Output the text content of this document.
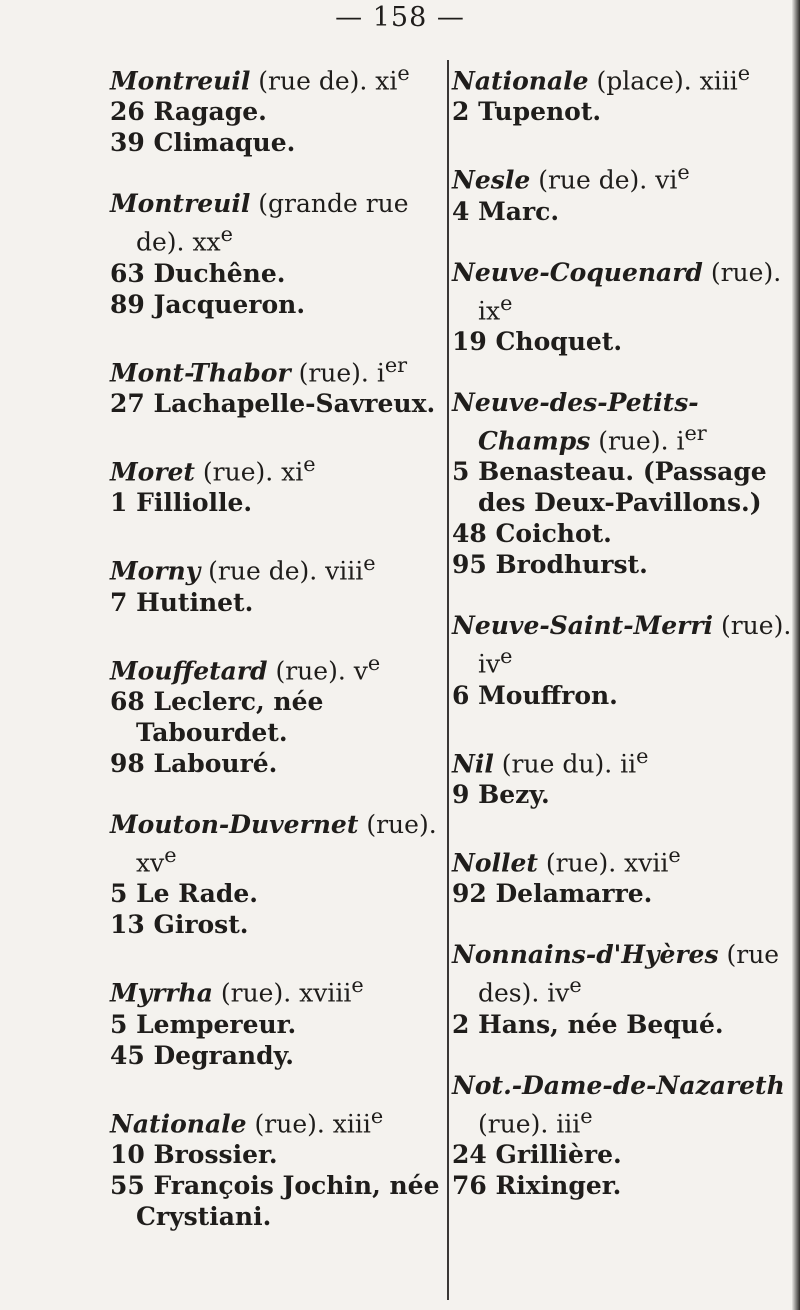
— 158 —
Montreuil (rue de). $xi^e$
26 Ragage.
39 Climaque.
Montreuil (grande rue de). $xx^e$
63 Duchêne.
89 Jacqueron.
Mont-Thabor (rue). $i^{er}$
27 Lachapelle-Savreux.
Moret (rue). $xi^e$
1 Filliolle.
Morny (rue de). viii$^e$
7 Hutinet.
Mouffetard (rue). $v^e$
68 Leclerc, née Tabourdet.
98 Labouré.
Mouton-Duvernet (rue). $xv^e$
5 Le Rade.
13 Girost.
Myrrha (rue). xviii$^e$
5 Lempereur.
45 Degrandy.
Nationale (rue). xiii$^e$
10 Brossier.
55 François Jochin, née Crystiani.
Nationale (place). xiii$^e$
2 Tupenot.
Nesle (rue de). $vi^e$
4 Marc.
Neuve-Coquenard (rue). $ix^e$
19 Choquet.
Neuve-des-Petits-Champs (rue). $i^{er}$
5 Benasteau. (Passage des Deux-Pavillons.)
48 Coichot.
95 Brodhurst.
Neuve-Saint-Merri (rue). $iv^e$
6 Mouffron.
Nil (rue du). $ii^e$
9 Bezy.
Nollet (rue). xvii$^e$
92 Delamarre.
Nonnains-d'Hyères (rue des). $iv^e$
2 Hans, née Bequé.
Not.-Dame-de-Nazareth (rue). iii$^e$
24 Grillière.
76 Rixinger.
